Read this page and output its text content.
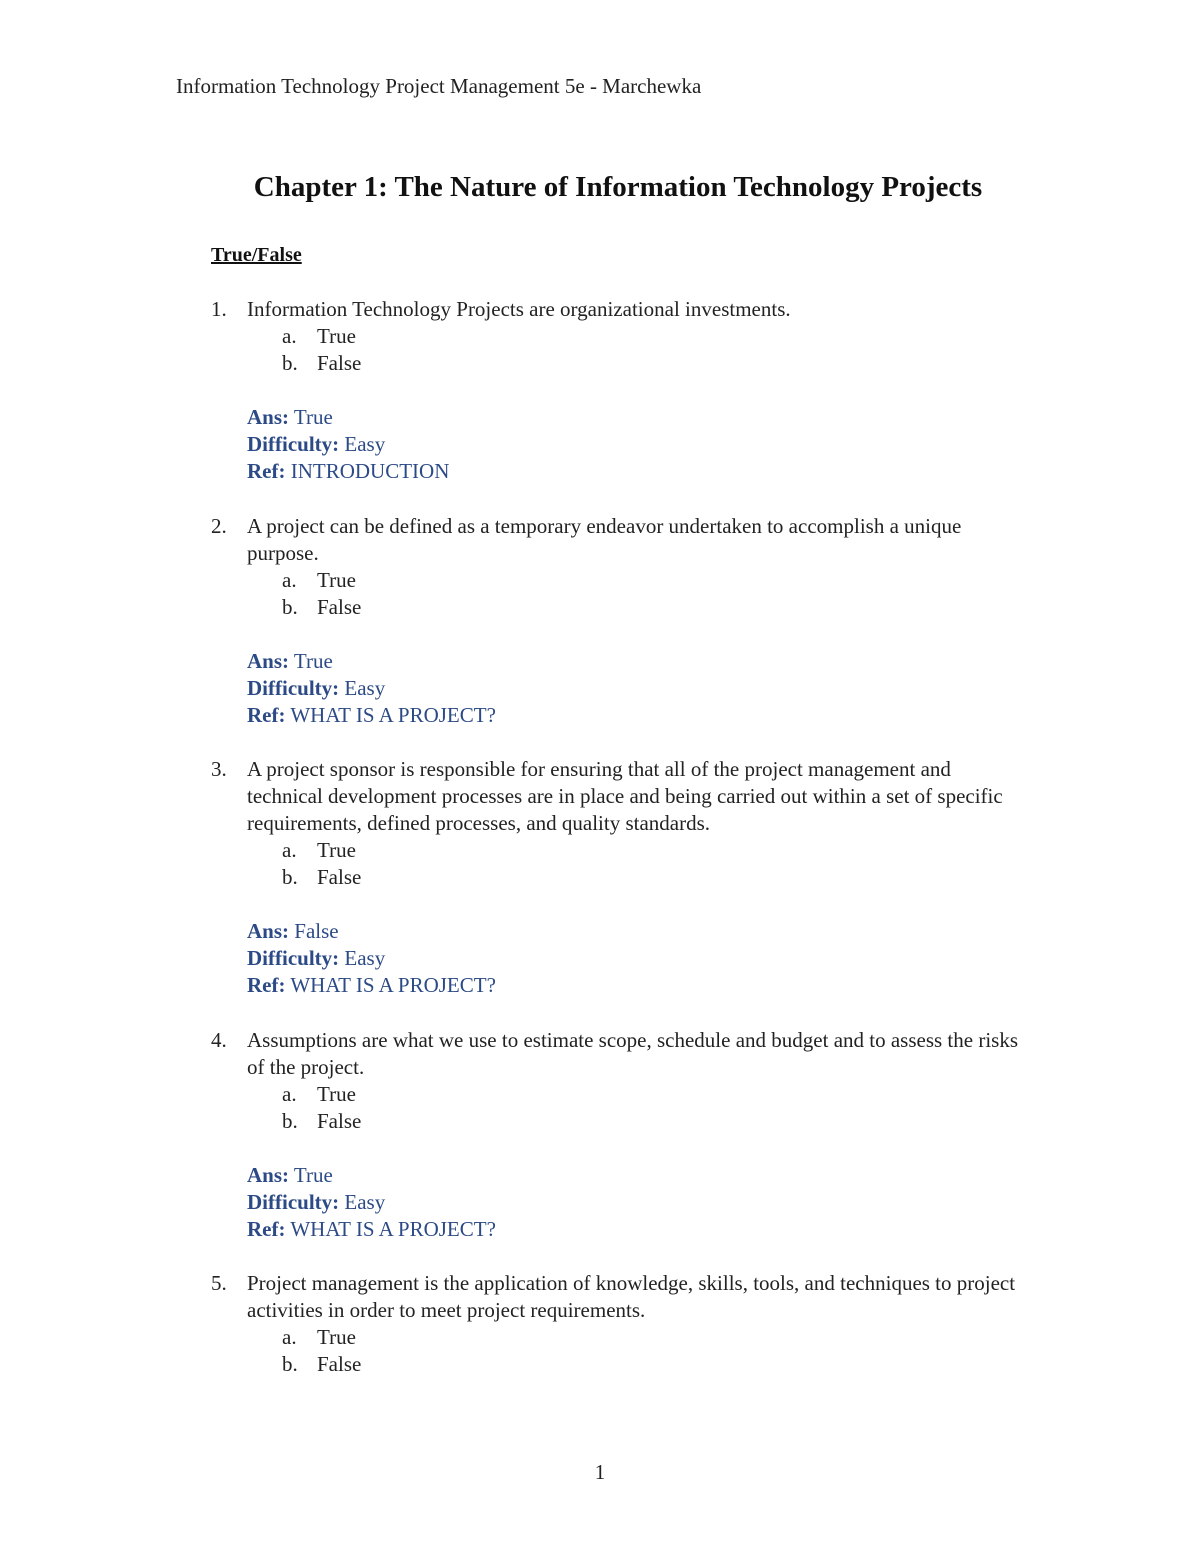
Information Technology Project Management 5e - Marchewka
Chapter 1: The Nature of Information Technology Projects
True/False
1. Information Technology Projects are organizational investments.
a. True
b. False
Ans: True
Difficulty: Easy
Ref: INTRODUCTION
2. A project can be defined as a temporary endeavor undertaken to accomplish a unique purpose.
a. True
b. False
Ans: True
Difficulty: Easy
Ref: WHAT IS A PROJECT?
3. A project sponsor is responsible for ensuring that all of the project management and technical development processes are in place and being carried out within a set of specific requirements, defined processes, and quality standards.
a. True
b. False
Ans: False
Difficulty: Easy
Ref: WHAT IS A PROJECT?
4. Assumptions are what we use to estimate scope, schedule and budget and to assess the risks of the project.
a. True
b. False
Ans: True
Difficulty: Easy
Ref: WHAT IS A PROJECT?
5. Project management is the application of knowledge, skills, tools, and techniques to project activities in order to meet project requirements.
a. True
b. False
1
